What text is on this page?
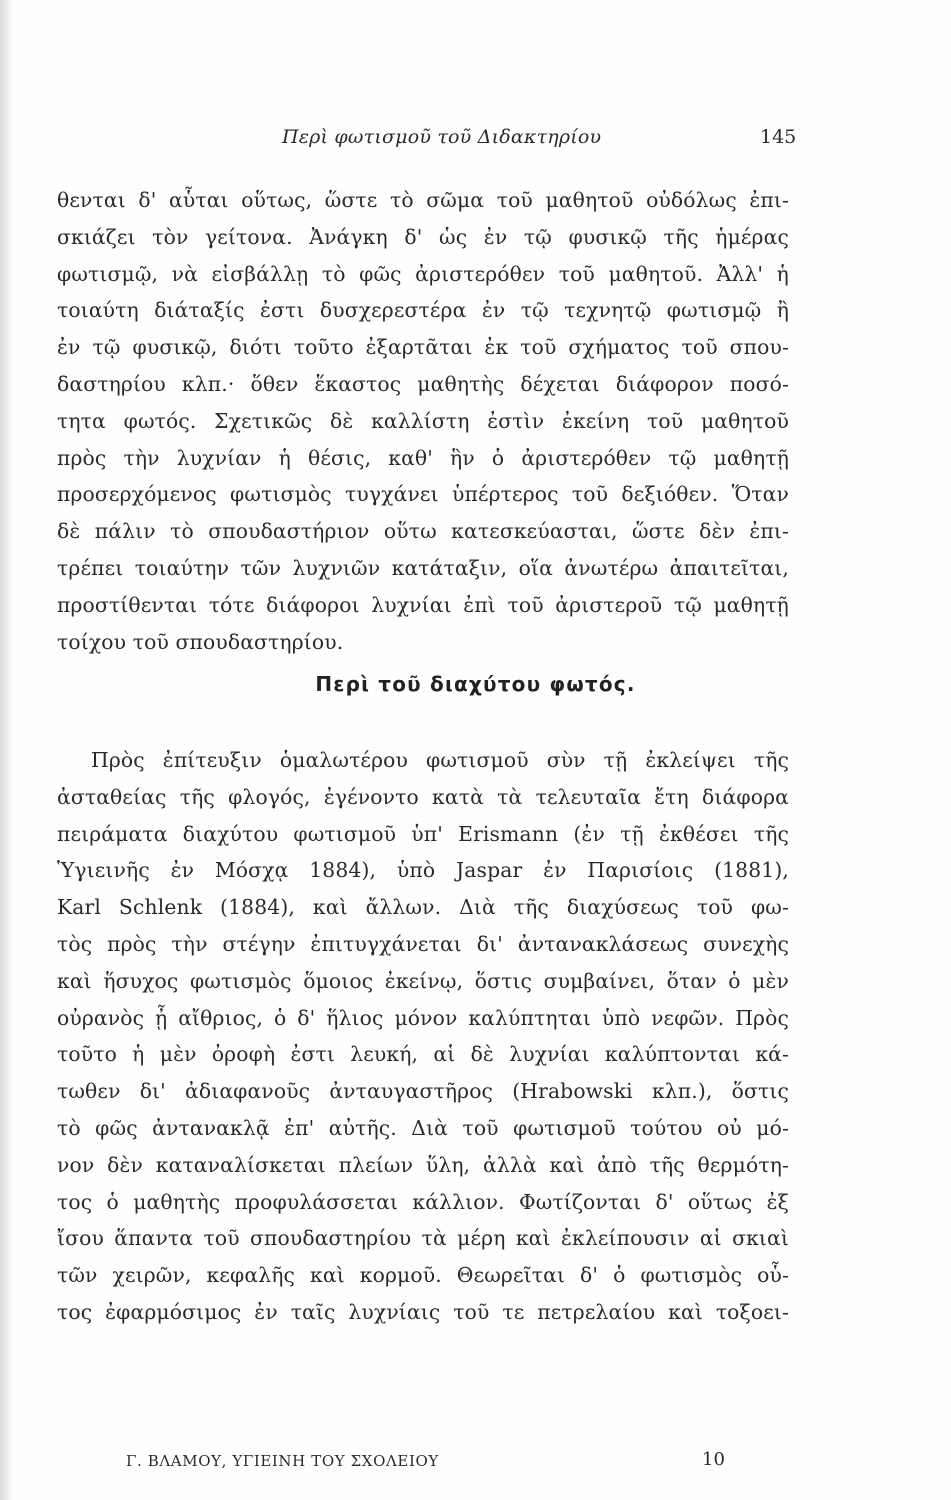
Περὶ φωτισμοῦ τοῦ Διδακτηρίου	145
θενται δ' αὗται οὕτως, ὥστε τὸ σῶμα τοῦ μαθητοῦ οὐδόλως ἐπι-
σκιάζει τὸν γείτονα. Ἀνάγκη δ' ὡς ἐν τῷ φυσικῷ τῆς ἡμέρας
φωτισμῷ, νὰ εἰσβάλλῃ τὸ φῶς ἀριστερόθεν τοῦ μαθητοῦ. Ἀλλ' ἡ
τοιαύτη διάταξίς ἐστι δυσχερεστέρα ἐν τῷ τεχνητῷ φωτισμῷ ἢ
ἐν τῷ φυσικῷ, διότι τοῦτο ἐξαρτᾶται ἐκ τοῦ σχήματος τοῦ σπου-
δαστηρίου κλπ.· ὅθεν ἕκαστος μαθητὴς δέχεται διάφορον ποσό-
τητα φωτός. Σχετικῶς δὲ καλλίστη ἐστὶν ἐκείνη τοῦ μαθητοῦ
πρὸς τὴν λυχνίαν ἡ θέσις, καθ' ἣν ὁ ἀριστερόθεν τῷ μαθητῇ
προσερχόμενος φωτισμὸς τυγχάνει ὑπέρτερος τοῦ δεξιόθεν. Ὅταν
δὲ πάλιν τὸ σπουδαστήριον οὕτω κατεσκεύασται, ὥστε δὲν ἐπι-
τρέπει τοιαύτην τῶν λυχνιῶν κατάταξιν, οἵα ἀνωτέρω ἀπαιτεῖται,
προστίθενται τότε διάφοροι λυχνίαι ἐπὶ τοῦ ἀριστεροῦ τῷ μαθητῇ
τοίχου τοῦ σπουδαστηρίου.
Περὶ τοῦ διαχύτου φωτός.
Πρὸς ἐπίτευξιν ὁμαλωτέρου φωτισμοῦ σὺν τῇ ἐκλείψει τῆς
ἀσταθείας τῆς φλογός, ἐγένοντο κατὰ τὰ τελευταῖα ἔτη διάφορα
πειράματα διαχύτου φωτισμοῦ ὑπ' Erismann (ἐν τῇ ἐκθέσει τῆς
Ὑγιεινῆς ἐν Μόσχᾳ 1884), ὑπὸ Jaspar ἐν Παρισίοις (1881),
Karl Schlenk (1884), καὶ ἄλλων. Διὰ τῆς διαχύσεως τοῦ φω-
τὸς πρὸς τὴν στέγην ἐπιτυγχάνεται δι' ἀντανακλάσεως συνεχὴς
καὶ ἥσυχος φωτισμὸς ὅμοιος ἐκείνῳ, ὅστις συμβαίνει, ὅταν ὁ μὲν
οὐρανὸς ᾖ αἴθριος, ὁ δ' ἥλιος μόνον καλύπτηται ὑπὸ νεφῶν. Πρὸς
τοῦτο ἡ μὲν ὀροφὴ ἐστι λευκή, αἱ δὲ λυχνίαι καλύπτονται κά-
τωθεν δι' ἀδιαφανοῦς ἀνταυγαστῆρος (Hrabowski κλπ.), ὅστις
τὸ φῶς ἀντανακλᾷ ἐπ' αὐτῆς. Διὰ τοῦ φωτισμοῦ τούτου οὐ μό-
νον δὲν καταναλίσκεται πλείων ὕλη, ἀλλὰ καὶ ἀπὸ τῆς θερμότη-
τος ὁ μαθητὴς προφυλάσσεται κάλλιον. Φωτίζονται δ' οὕτως ἐξ
ἴσου ἅπαντα τοῦ σπουδαστηρίου τὰ μέρη καὶ ἐκλείπουσιν αἱ σκιαὶ
τῶν χειρῶν, κεφαλῆς καὶ κορμοῦ. Θεωρεῖται δ' ὁ φωτισμὸς οὗ-
τος ἐφαρμόσιμος ἐν ταῖς λυχνίαις τοῦ τε πετρελαίου καὶ τοξοει-
Γ. ΒΛΑΜΟΥ, ΥΓΙΕΙΝΗ ΤΟΥ ΣΧΟΛΕΙΟΥ	10
